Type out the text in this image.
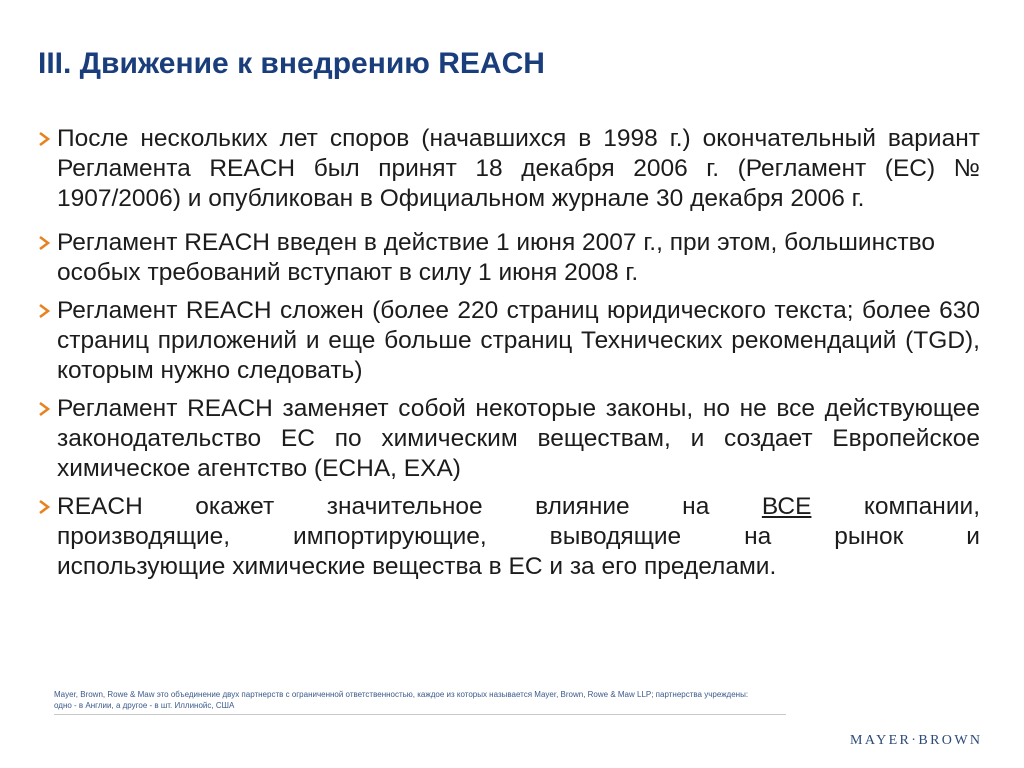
III. Движение к внедрению REACH
После нескольких лет споров (начавшихся в 1998 г.) окончательный вариант Регламента REACH был принят 18 декабря 2006 г. (Регламент (ЕС) № 1907/2006) и опубликован в Официальном журнале 30 декабря 2006 г.
Регламент REACH введен в действие 1 июня 2007 г., при этом, большинство особых требований вступают в силу 1 июня 2008 г.
Регламент REACH сложен (более 220 страниц юридического текста; более 630 страниц приложений и еще больше страниц Технических рекомендаций (TGD), которым нужно следовать)
Регламент REACH заменяет собой некоторые законы, но не все действующее законодательство ЕС по химическим веществам, и создает Европейское химическое агентство (ECHA, ЕХА)
REACH окажет значительное влияние на ВСЕ компании,
производящие, импортирующие, выводящие на рынок и
использующие химические вещества в ЕС и за его пределами.
Mayer, Brown, Rowe & Maw это объединение двух партнерств с ограниченной ответственностью, каждое из которых называется Mayer, Brown, Rowe & Maw LLP; партнерства учреждены:
одно - в Англии, а другое - в шт. Иллинойс, США
MAYER·BROWN
